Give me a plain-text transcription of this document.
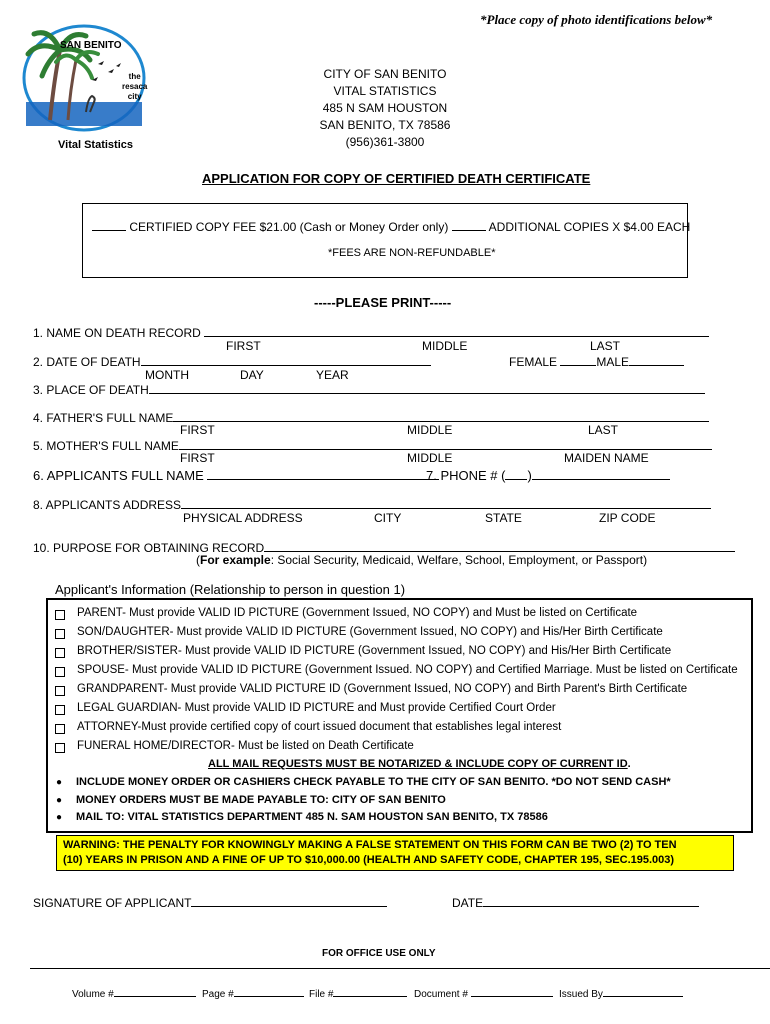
*Place copy of photo identifications below*
SAN BENITO
the
resaca
city
Vital Statistics
CITY OF SAN BENITO
VITAL STATISTICS
485 N SAM HOUSTON
SAN BENITO, TX 78586
(956)361-3800
APPLICATION FOR COPY OF CERTIFIED DEATH CERTIFICATE
CERTIFIED COPY FEE $21.00 (Cash or Money Order only)	ADDITIONAL COPIES X $4.00 EACH
*FEES ARE NON-REFUNDABLE*
-----PLEASE PRINT-----
1. NAME ON DEATH RECORD
FIRST	MIDDLE	LAST
2. DATE OF DEATH	FEMALE	MALE
MONTH	DAY	YEAR
3. PLACE OF DEATH
4. FATHER'S FULL NAME
FIRST	MIDDLE	LAST
5. MOTHER'S FULL NAME
FIRST	MIDDLE	MAIDEN NAME
6. APPLICANTS FULL NAME	7. PHONE # ( )
8. APPLICANTS ADDRESS
PHYSICAL ADDRESS	CITY	STATE	ZIP CODE
10. PURPOSE FOR OBTAINING RECORD
(For example: Social Security, Medicaid, Welfare, School, Employment, or Passport)
Applicant's Information (Relationship to person in question 1)
PARENT- Must provide VALID ID PICTURE (Government Issued, NO COPY) and Must be listed on Certificate
SON/DAUGHTER- Must provide VALID ID PICTURE (Government Issued, NO COPY) and His/Her Birth Certificate
BROTHER/SISTER- Must provide VALID ID PICTURE (Government Issued, NO COPY) and His/Her Birth Certificate
SPOUSE- Must provide VALID ID PICTURE (Government Issued. NO COPY) and Certified Marriage. Must be listed on Certificate
GRANDPARENT- Must provide VALID PICTURE ID (Government Issued, NO COPY) and Birth Parent's Birth Certificate
LEGAL GUARDIAN- Must provide VALID ID PICTURE and Must provide Certified Court Order
ATTORNEY-Must provide certified copy of court issued document that establishes legal interest
FUNERAL HOME/DIRECTOR- Must be listed on Death Certificate
ALL MAIL REQUESTS MUST BE NOTARIZED & INCLUDE COPY OF CURRENT ID.
● INCLUDE MONEY ORDER OR CASHIERS CHECK PAYABLE TO THE CITY OF SAN BENITO. *DO NOT SEND CASH*
● MONEY ORDERS MUST BE MADE PAYABLE TO: CITY OF SAN BENITO
● MAIL TO: VITAL STATISTICS DEPARTMENT 485 N. SAM HOUSTON SAN BENITO, TX 78586
WARNING: THE PENALTY FOR KNOWINGLY MAKING A FALSE STATEMENT ON THIS FORM CAN BE TWO (2) TO TEN
(10) YEARS IN PRISON AND A FINE OF UP TO $10,000.00 (HEALTH AND SAFETY CODE, CHAPTER 195, SEC.195.003)
SIGNATURE OF APPLICANT	DATE
FOR OFFICE USE ONLY
Volume #	Page #	File #	Document #	Issued By
